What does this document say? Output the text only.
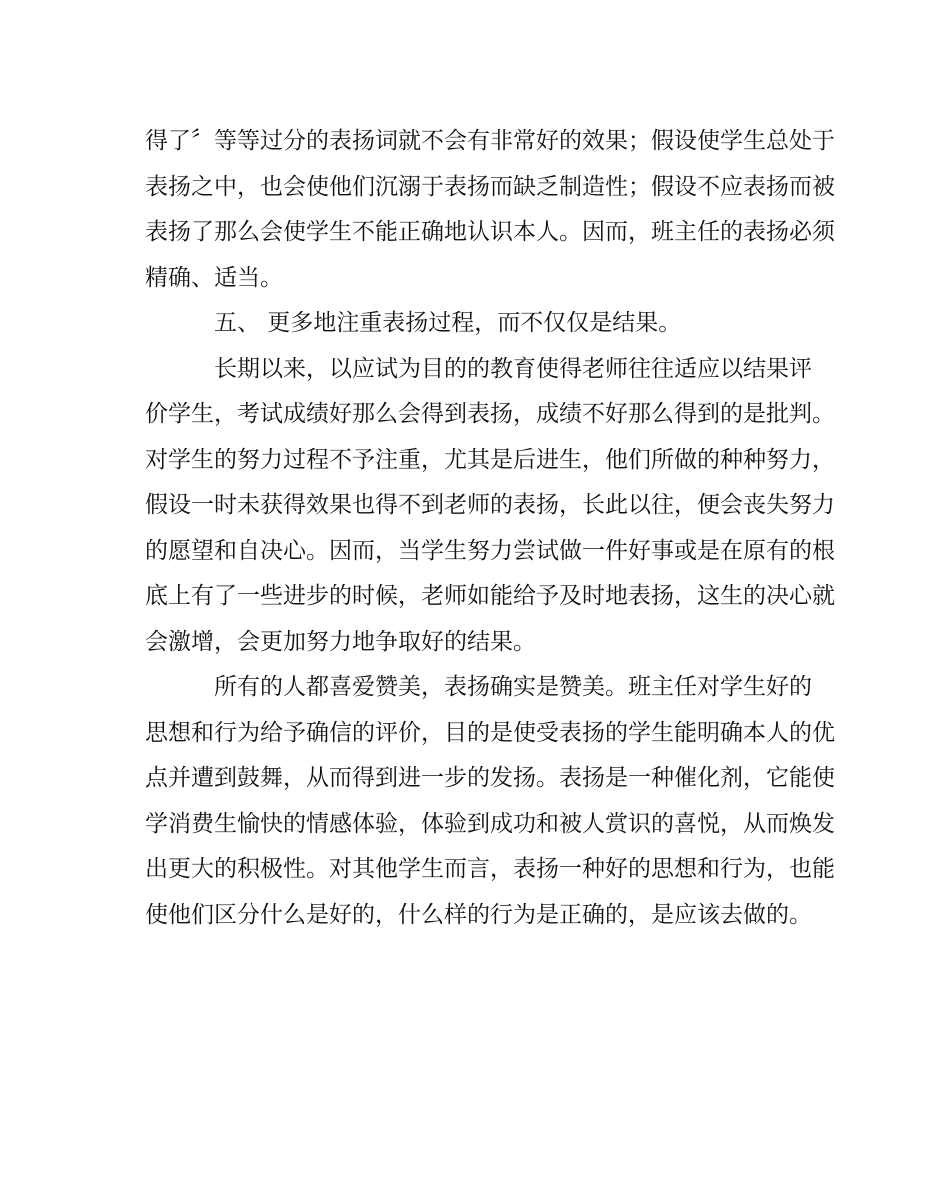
得了〞等等过分的表扬词就不会有非常好的效果；假设使学生总处于
表扬之中，也会使他们沉溺于表扬而缺乏制造性；假设不应表扬而被
表扬了那么会使学生不能正确地认识本人。因而，班主任的表扬必须
精确、适当。
五、 更多地注重表扬过程，而不仅仅是结果。
长期以来，以应试为目的的教育使得老师往往适应以结果评
价学生，考试成绩好那么会得到表扬，成绩不好那么得到的是批判。
对学生的努力过程不予注重，尤其是后进生，他们所做的种种努力，
假设一时未获得效果也得不到老师的表扬，长此以往，便会丧失努力
的愿望和自决心。因而，当学生努力尝试做一件好事或是在原有的根
底上有了一些进步的时候，老师如能给予及时地表扬，这生的决心就
会激增，会更加努力地争取好的结果。
所有的人都喜爱赞美，表扬确实是赞美。班主任对学生好的
思想和行为给予确信的评价，目的是使受表扬的学生能明确本人的优
点并遭到鼓舞，从而得到进一步的发扬。表扬是一种催化剂，它能使
学消费生愉快的情感体验，体验到成功和被人赏识的喜悦，从而焕发
出更大的积极性。对其他学生而言，表扬一种好的思想和行为，也能
使他们区分什么是好的，什么样的行为是正确的，是应该去做的。
